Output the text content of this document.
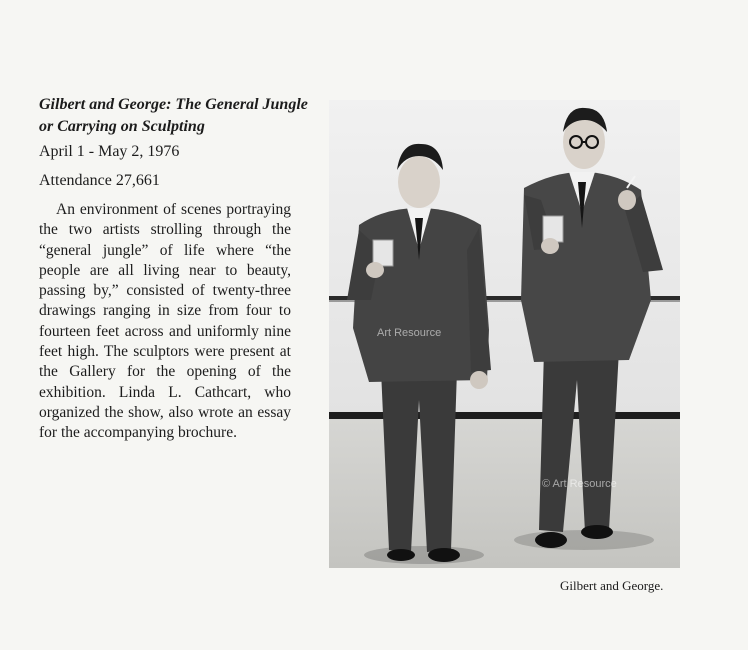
Gilbert and George: The General Jungle or Carrying on Sculpting
April 1 - May 2, 1976
Attendance 27,661

An environment of scenes portraying the two artists strolling through the “general jungle” of life where “the people are all living near to beauty, passing by,” consisted of twenty-three drawings ranging in size from four to fourteen feet across and uniformly nine feet high. The sculptors were present at the Gallery for the opening of the exhibition. Linda L. Cathcart, who organized the show, also wrote an essay for the accompanying brochure.

Art Resource
© Art Resource
Gilbert and George.
